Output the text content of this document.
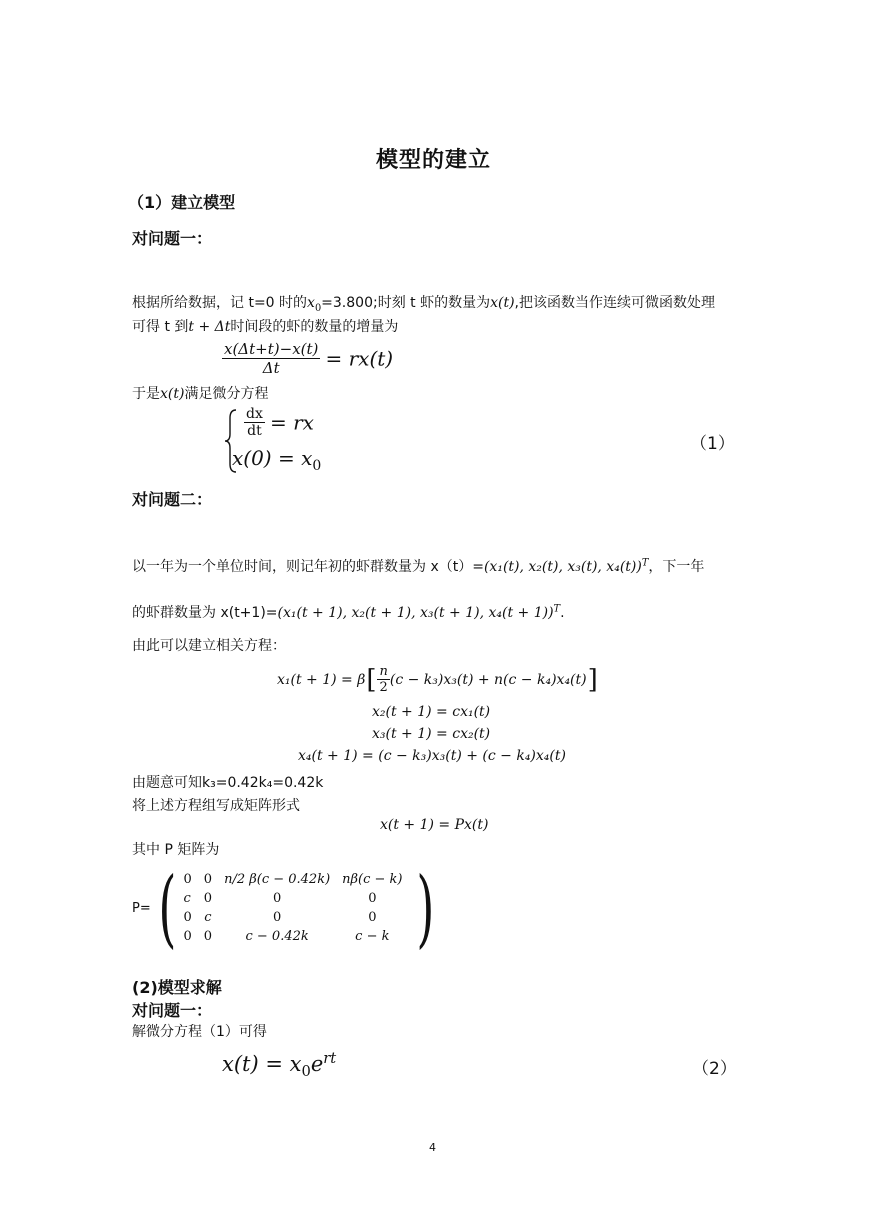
模型的建立
（1）建立模型
对问题一：
根据所给数据，记 t=0 时的$x_0=3.800$;时刻 t 虾的数量为x(t),把该函数当作连续可微函数处理
可得 t 到t + Δt时间段的虾的数量的增量为
$\frac{x(\Delta t+t)-x(t)}{\Delta t} = rx(t)$
于是x(t)满足微分方程
$\frac{dx}{dt}$ = rx
$x(0) = x_0$
（1）
对问题二：
以一年为一个单位时间，则记年初的虾群数量为 x（t）=(x₁(t), x₂(t), x₃(t), x₄(t))$^T$，下一年
的虾群数量为 x(t+1)=(x₁(t + 1), x₂(t + 1), x₃(t + 1), x₄(t + 1))$^T$.
由此可以建立相关方程：
x₁(t + 1) = β [ $\frac{n}{2} (c - k_3)x_3(t) + n(c - k_4)x_4(t)$ ]
x₂(t + 1) = cx₁(t)
x₃(t + 1) = cx₂(t)
x₄(t + 1) = (c − k₃)x₃(t) + (c − k₄)x₄(t)
由题意可知k₃=0.42k₄=0.42k
将上述方程组写成矩阵形式
x(t + 1) = Px(t)
其中 P 矩阵为
P= ( 0	0	n/2 β(c − 0.42k)	nβ(c − k)
c	0	0	0
0	c	0	0
0	0	c − 0.42k	c − k )
(2)模型求解
对问题一：
解微分方程（1）可得
$x(t) = x_0e^{rt}$
（2）
4
